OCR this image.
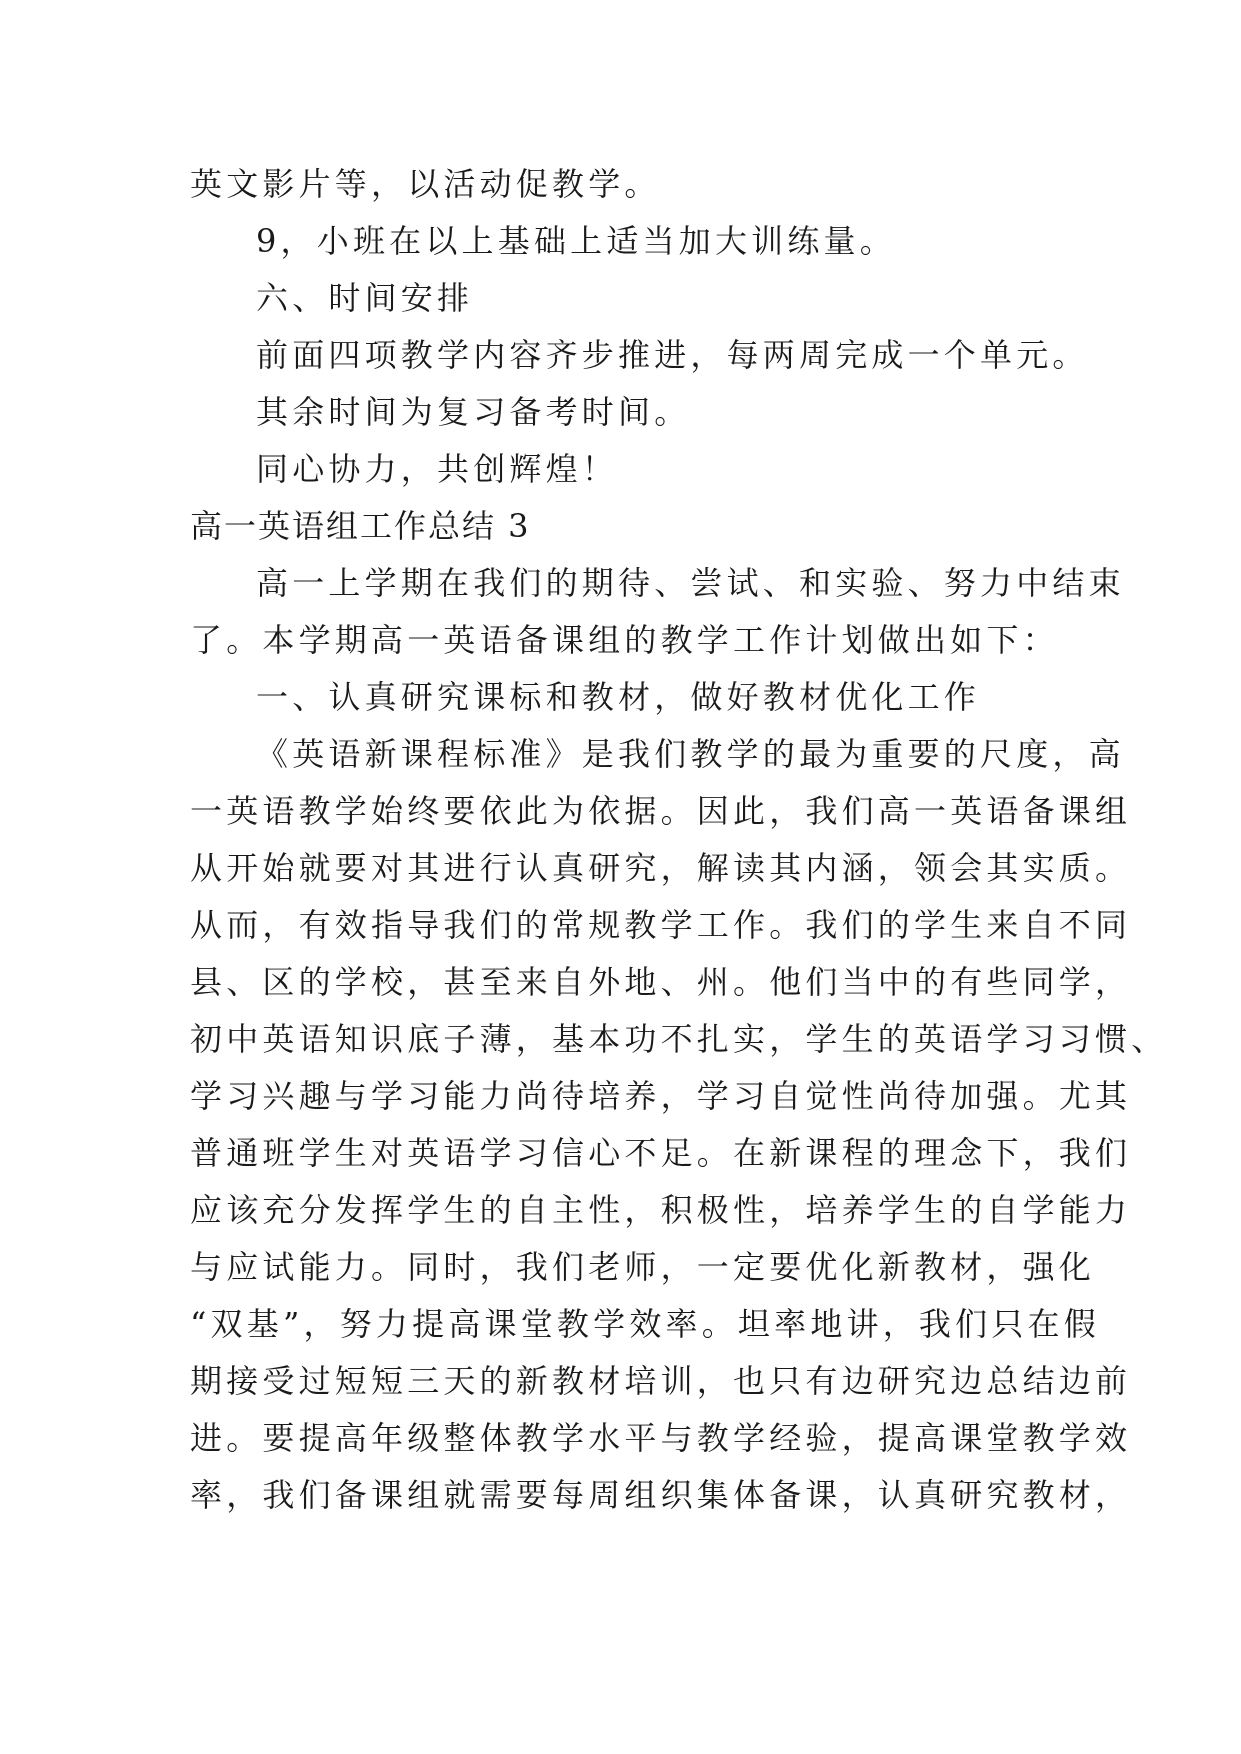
英文影片等，以活动促教学。
9，小班在以上基础上适当加大训练量。
六、时间安排
前面四项教学内容齐步推进，每两周完成一个单元。
其余时间为复习备考时间。
同心协力，共创辉煌！
高一英语组工作总结 3
高一上学期在我们的期待、尝试、和实验、努力中结束
了。本学期高一英语备课组的教学工作计划做出如下：
一、认真研究课标和教材，做好教材优化工作
《英语新课程标准》是我们教学的最为重要的尺度，高
一英语教学始终要依此为依据。因此，我们高一英语备课组
从开始就要对其进行认真研究，解读其内涵，领会其实质。
从而，有效指导我们的常规教学工作。我们的学生来自不同
县、区的学校，甚至来自外地、州。他们当中的有些同学，
初中英语知识底子薄，基本功不扎实，学生的英语学习习惯、
学习兴趣与学习能力尚待培养，学习自觉性尚待加强。尤其
普通班学生对英语学习信心不足。在新课程的理念下，我们
应该充分发挥学生的自主性，积极性，培养学生的自学能力
与应试能力。同时，我们老师，一定要优化新教材，强化
“双基”，努力提高课堂教学效率。坦率地讲，我们只在假
期接受过短短三天的新教材培训，也只有边研究边总结边前
进。要提高年级整体教学水平与教学经验，提高课堂教学效
率，我们备课组就需要每周组织集体备课，认真研究教材，
